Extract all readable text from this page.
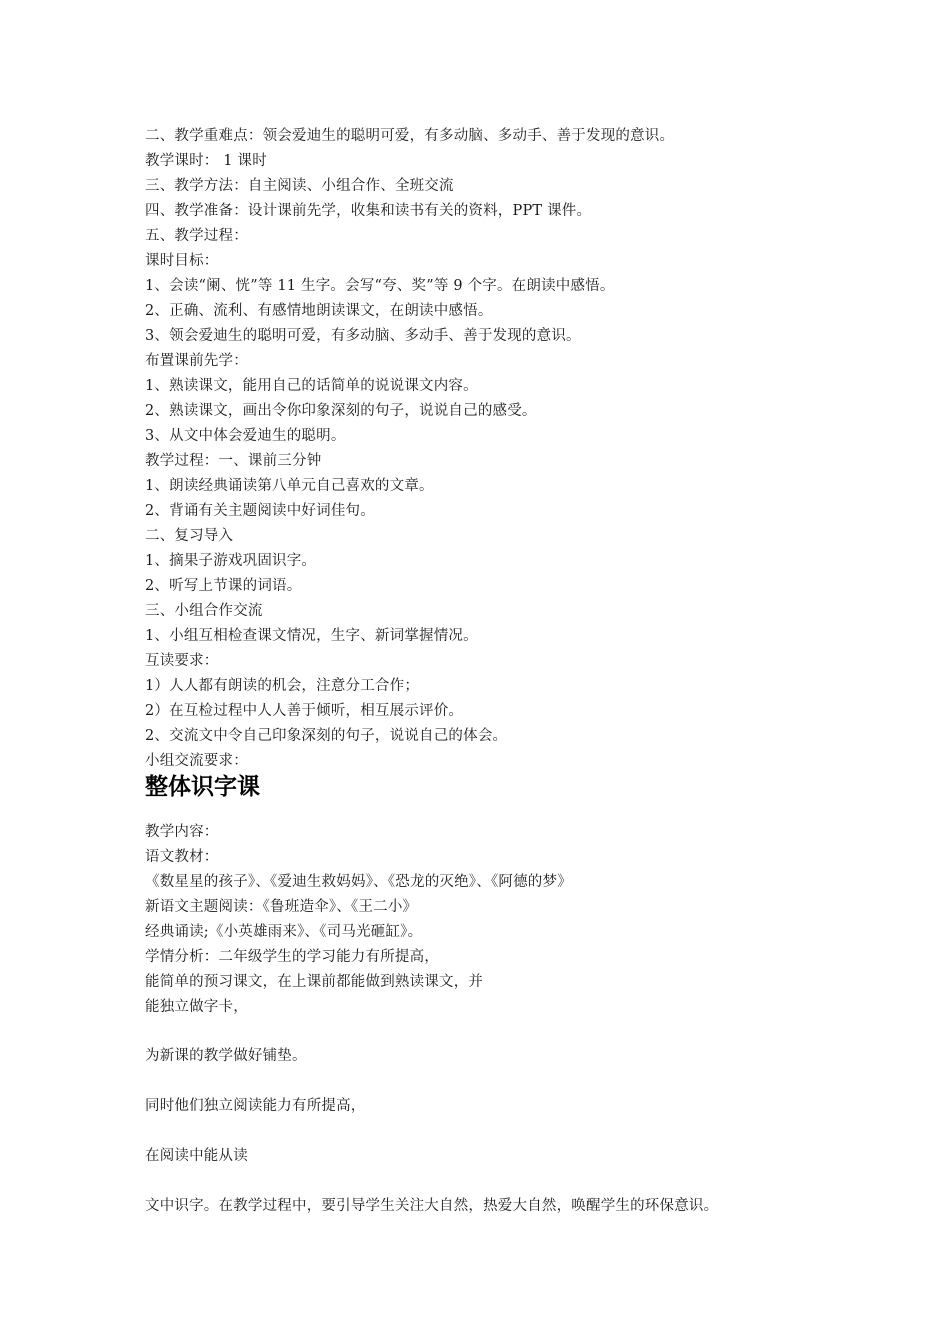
二、教学重难点：领会爱迪生的聪明可爱，有多动脑、多动手、善于发现的意识。
教学课时： 1 课时
三、教学方法：自主阅读、小组合作、全班交流
四、教学准备：设计课前先学，收集和读书有关的资料，PPT 课件。
五、教学过程：
课时目标：
1、会读“阑、恍”等 11 生字。会写“夸、奖”等 9 个字。在朗读中感悟。
2、正确、流利、有感情地朗读课文，在朗读中感悟。
3、领会爱迪生的聪明可爱，有多动脑、多动手、善于发现的意识。
布置课前先学：
1、熟读课文，能用自己的话简单的说说课文内容。
2、熟读课文，画出令你印象深刻的句子，说说自己的感受。
3、从文中体会爱迪生的聪明。
教学过程：一、课前三分钟
1、朗读经典诵读第八单元自己喜欢的文章。
2、背诵有关主题阅读中好词佳句。
二、复习导入
1、摘果子游戏巩固识字。
2、听写上节课的词语。
三、小组合作交流
1、小组互相检查课文情况，生字、新词掌握情况。
互读要求：
1）人人都有朗读的机会，注意分工合作；
2）在互检过程中人人善于倾听，相互展示评价。
2、交流文中令自己印象深刻的句子，说说自己的体会。
小组交流要求：
整体识字课
教学内容：
语文教材：
《数星星的孩子》、《爱迪生救妈妈》、《恐龙的灭绝》、《阿德的梦》
新语文主题阅读：《鲁班造伞》、《王二小》
经典诵读;《小英雄雨来》、《司马光砸缸》。
学情分析：二年级学生的学习能力有所提高，
能简单的预习课文，在上课前都能做到熟读课文，并
能独立做字卡，
为新课的教学做好铺垫。
同时他们独立阅读能力有所提高，
在阅读中能从读
文中识字。在教学过程中，要引导学生关注大自然，热爱大自然，唤醒学生的环保意识。
